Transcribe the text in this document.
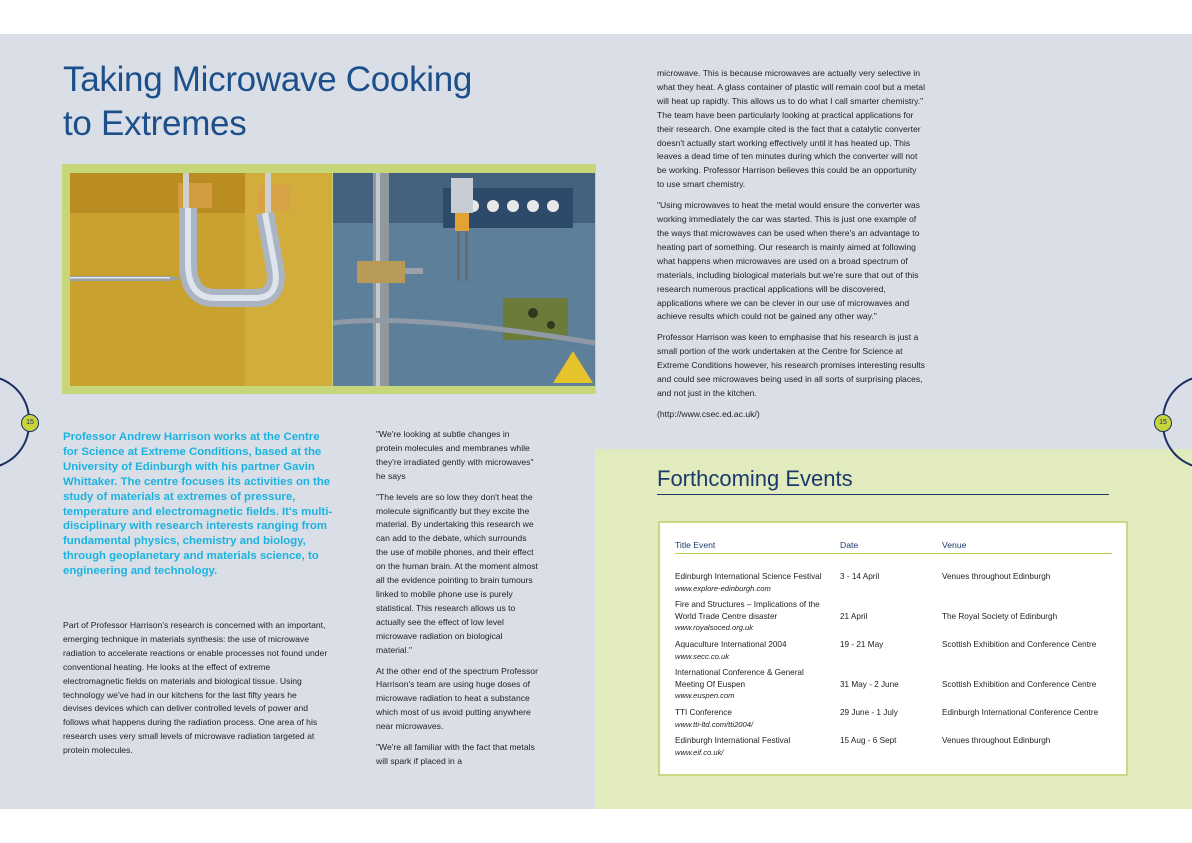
15	15
Taking Microwave Cooking
to Extremes

Professor Andrew Harrison works at the Centre for Science at Extreme Conditions, based at the University of Edinburgh with his partner Gavin Whittaker. The centre focuses its activities on the study of materials at extremes of pressure, temperature and electromagnetic fields. It's multi-disciplinary with research interests ranging from fundamental physics, chemistry and biology, through geoplanetary and materials science, to engineering and technology.

Part of Professor Harrison's research is concerned with an important, emerging technique in materials synthesis: the use of microwave radiation to accelerate reactions or enable processes not found under conventional heating. He looks at the effect of extreme electromagnetic fields on materials and biological tissue. Using technology we've had in our kitchens for the last fifty years he devises devices which can deliver controlled levels of power and follows what happens during the radiation process. One area of his research uses very small levels of microwave radiation targeted at protein molecules.

"We're looking at subtle changes in protein molecules and membranes while they're irradiated gently with microwaves" he says

"The levels are so low they don't heat the molecule significantly but they excite the material. By undertaking this research we can add to the debate, which surrounds the use of mobile phones, and their effect on the human brain. At the moment almost all the evidence pointing to brain tumours linked to mobile phone use is purely statistical. This research allows us to actually see the effect of low level microwave radiation on biological material."

At the other end of the spectrum Professor Harrison's team are using huge doses of microwave radiation to heat a substance which most of us avoid putting anywhere near microwaves.

"We're all familiar with the fact that metals will spark if placed in a

microwave. This is because microwaves are actually very selective in what they heat. A glass container of plastic will remain cool but a metal will heat up rapidly. This allows us to do what I call smarter chemistry." The team have been particularly looking at practical applications for their research. One example cited is the fact that a catalytic converter doesn't actually start working effectively until it has heated up. This leaves a dead time of ten minutes during which the converter will not be working. Professor Harrison believes this could be an opportunity to use smart chemistry.

"Using microwaves to heat the metal would ensure the converter was working immediately the car was started. This is just one example of the ways that microwaves can be used when there's an advantage to heating part of something. Our research is mainly aimed at following what happens when microwaves are used on a broad spectrum of materials, including biological materials but we're sure that out of this research numerous practical applications will be discovered, applications where we can be clever in our use of microwaves and achieve results which could not be gained any other way."

Professor Harrison was keen to emphasise that his research is just a small portion of the work undertaken at the Centre for Science at Extreme Conditions however, his research promises interesting results and could see microwaves being used in all sorts of surprising places, and not just in the kitchen.

(http://www.csec.ed.ac.uk/)

Forthcoming Events
Title Event	Date	Venue
Edinburgh International Science Festival
www.explore-edinburgh.com
3 - 14 April	Venues throughout Edinburgh
Fire and Structures – Implications of the World Trade Centre disaster
www.royalsoced.org.uk
21 April	The Royal Society of Edinburgh
Aquaculture International 2004
www.secc.co.uk
19 - 21 May	Scottish Exhibition and Conference Centre
International Conference & General Meeting Of Euspen
www.euspen.com
31 May - 2 June	Scottish Exhibition and Conference Centre
TTI Conference
www.tti-ltd.com/tti2004/
29 June - 1 July	Edinburgh International Conference Centre
Edinburgh International Festival
www.eif.co.uk/
15 Aug - 6 Sept	Venues throughout Edinburgh
